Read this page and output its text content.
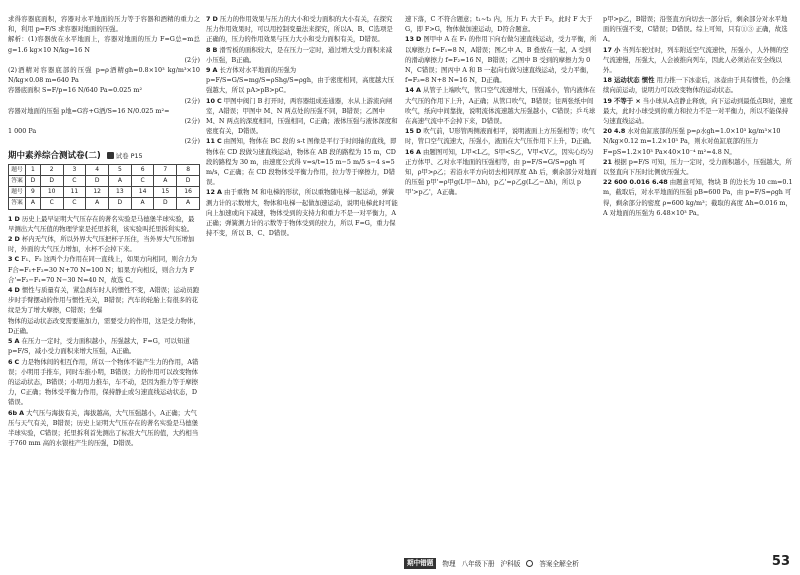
求得容器底面积，容器对水平地面的压力等于容器和酒精的重力之和，利用 p=F/S 求容器对地面的压强。

解析：(1)容器放在水平地面上，容器对地面的压力 F=G总=m总g=1.6 kg×10 N/kg=16 N

(2分)

(2)酒精对容器底部的压强 p=ρ酒精gh=0.8×10³ kg/m³×10 N/kg×0.08 m=640 Pa

容器底面积 S=F/p=16 N/640 Pa=0.025 m²

(2分)

容器对地面的压强 p地=G容+G酒/S=16 N/0.025 m²=

(2分)

1 000 Pa

(2分)

期中素养综合测试卷(二) 试卷 P15
题号	1	2	3	4	5	6	7	8
答案	D	D	C	D	A	C	A	D
题号	9	10	11	12	13	14	15	16
答案	A	C	C	A	D	A	D	A

1 D 历史上最早证明大气压存在的著名实验是马德堡半球实验，最早测出大气压值的物理学家是托里拆利，该实验叫托里拆利实验。

2 D 杯内无气体，所以外界大气压把杯子压住，当外界大气压增加时，外面的大气压力增加，水杯不会掉下来。

3 C F₁、F₂ 这两个力作用在同一直线上，如果方向相同，则合力为 F合=F₁+F₂=30 N+70 N=100 N；如果方向相反，则合力为 F合'=F₂−F₁=70 N−30 N=40 N，故选 C。

4 D 惯性与质量有关，紧急刹车时人的惯性不变，A错误；运动员跑步时手臂摆动的作用与惯性无关，B错误；汽车的轮胎上有很多的花纹是为了增大摩擦，C错误；坐爆

物体的运动状态改变需要施加力，需要受力的作用，这是受力物体，D正确。

5 A 在压力一定时，受力面积越小，压强越大，F=G，可以知道 p=F/S，减小受力面积来增大压强，A正确。

6 C 力是物体间的相互作用，所以一个物体不能产生力的作用，A错误；小明用手推车，同时车推小明，B错误；力的作用可以改变物体的运动状态，B错误；小明用力推车，车不动，是因为推力等于摩擦力，C正确；物体受平衡力作用，保持静止或匀速直线运动状态，D错误。

6b A 大气压与海拔有关，海拔越高，大气压强越小，A正确；大气压与天气有关，B错误；历史上证明大气压存在的著名实验是马德堡半球实验，C错误；托里拆利首先测出了标准大气压的值，大约相当于760 mm 高的水银柱产生的压强，D错误。

7 D 压力的作用效果与压力的大小和受力面积的大小有关，在探究压力作用效果时，可以用控制变量法来探究，所以A、B、C选项是正确的，压力的作用效果与压力大小和受力面积有关，D错误。

8 B 滑雪板的面积较大，是在压力一定时，通过增大受力面积来减小压强，B正确。

9 A 长方体对水平地面的压强为 p=F/S=G/S=mg/S=ρShg/S=ρgh，由于密度相同，高度越大压强越大，所以 pA>pB>pC。

10 C 甲图中阀门 B 打开时，两容器组成连通器，水从上游流向闸室，A错误；甲图中 M、N 两点处的压强不同，B错误；乙图中 M、N 两点的深度相同，压强相同，C正确；液体压强与液体深度和密度有关，D错误。

11 C 由图知，物体在 BC 段的 s-t 图像是平行于时间轴的直线，即物体在 CD 段做匀速直线运动，物体在 AB 段的路程为 15 m，CD 段的路程为 30 m，由速度公式得 v=s/t=15 m−5 m/5 s−4 s=5 m/s，C正确；在 CD 段物体受平衡力作用，拉力等于摩擦力，D错误。

12 A 由于重物 M 和电梯的形状，所以重物随电梯一起运动，弹簧测力计的示数增大，物体和电梯一起做加速运动，说明电梯此时可能向上加速或向下减速，物体受到的支持力和重力不是一对平衡力，A正确；弹簧测力计的示数等于物体受到的拉力，所以 F=G，重力保持不变，所以 B、C、D错误。

速下落，C 不符合题意；t₁~t₂ 内，压力 F₁ 大于 F₂，此时 F 大于 G，即 F>G，物体做加速运动，D符合题意。

13 D 图甲中 A 在 F₁ 的作用下向右做匀速直线运动，受力平衡，所以摩擦力 f=F₁=8 N，A错误；图乙中 A、B 叠放在一起，A 受到的滑动摩擦力 f=F₂=16 N，B错误；乙图中 B 受到的摩擦力为 0 N，C错误；图丙中 A 和 B 一起向右做匀速直线运动，受力平衡，f=F₃=8 N+8 N=16 N，D正确。

14 A 从管子上端吹气，管口空气流速增大，压强减小，管内液体在大气压的作用下上升，A正确；从管口吹气，B错误；往两张纸中间吹气，纸向中间靠拢，说明流体流速越大压强越小，C错误；乒乓球在高速气流中不会掉下来，D错误。

15 D 吹气前，U形管两侧液面相平，说明液面上方压强相等；吹气时，管口空气流速大，压强小，液面在大气压作用下上升，D正确。

16 A 由题图可知，L甲<L乙，S甲<S乙，V甲<V乙，因实心均匀正方体甲、乙对水平地面的压强相等，由 p=F/S=G/S=ρgh 可知，ρ甲>ρ乙；若沿水平方向切去相同厚度 Δh 后，剩余部分对地面的压强 p甲'=ρ甲g(L甲−Δh)，p乙'=ρ乙g(L乙−Δh)，所以 p甲'>p乙'，A正确。

p甲>p乙，B错误；沿竖直方向切去一部分后，剩余部分对水平地面的压强不变，C错误；D错误。综上可知，只有①③ 正确，故选 A。

17 小 当列车驶过时，列车附近空气流速快，压强小，人外侧的空气流速慢，压强大，人会被推向列车，因此人必须站在安全线以外。

18 运动状态 惯性 用力推一下冰壶后，冰壶由于具有惯性，仍会继续向前运动，说明力可以改变物体的运动状态。

19 不等于 × 当小球从A点静止释放，向下运动到最低点B时，速度最大，此时小球受到的重力和拉力不是一对平衡力，所以不能保持匀速直线运动。

20 4.8 水对鱼缸底部的压强 p=ρ水gh=1.0×10³ kg/m³×10 N/kg×0.12 m=1.2×10³ Pa，则水对鱼缸底部的压力 F=pS=1.2×10³ Pa×40×10⁻⁴ m²=4.8 N。

21 根据 p=F/S 可知，压力一定时，受力面积越小，压强越大，所以竖直向下压时比侧放压强大。

22 600 0.016 6.48 由题意可知，物块 B 的边长为 10 cm=0.1 m，截取后，对水平地面的压强 pB=600 Pa，由 p=F/S=ρgh 可得，剩余部分的密度 ρ=600 kg/m³；截取的高度 Δh=0.016 m，A 对地面的压强为 6.48×10³ Pa。

期中错题	物理 八年级下册 沪科版	答案全解全析	53
